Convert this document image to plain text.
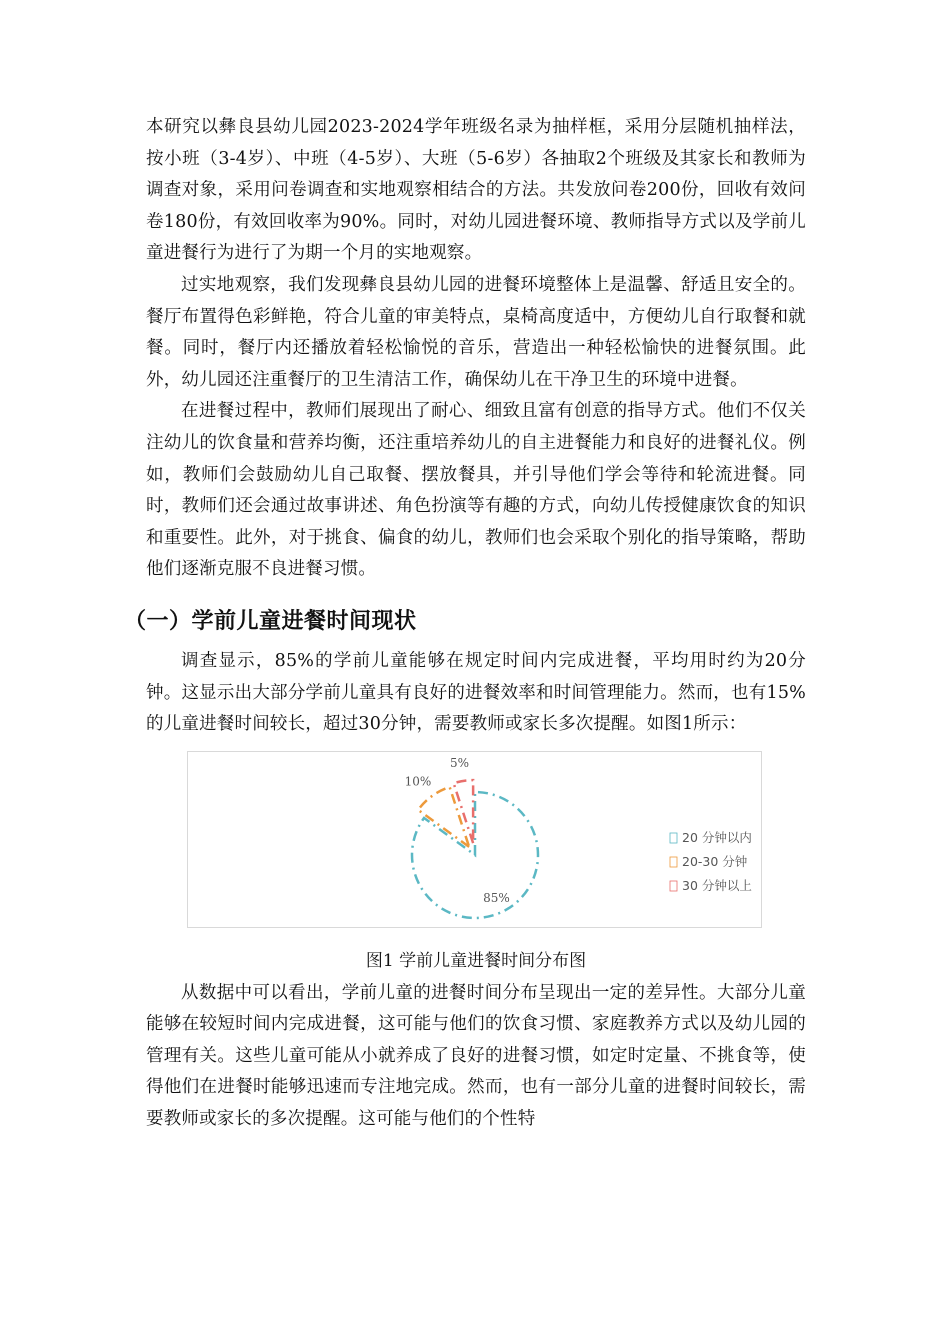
本研究以彝良县幼儿园2023-2024学年班级名录为抽样框，采用分层随机抽样法，按小班（3-4岁）、中班（4-5岁）、大班（5-6岁）各抽取2个班级及其家长和教师为调查对象，采用问卷调查和实地观察相结合的方法。共发放问卷200份，回收有效问卷180份，有效回收率为90%。同时，对幼儿园进餐环境、教师指导方式以及学前儿童进餐行为进行了为期一个月的实地观察。

过实地观察，我们发现彝良县幼儿园的进餐环境整体上是温馨、舒适且安全的。餐厅布置得色彩鲜艳，符合儿童的审美特点，桌椅高度适中，方便幼儿自行取餐和就餐。同时，餐厅内还播放着轻松愉悦的音乐，营造出一种轻松愉快的进餐氛围。此外，幼儿园还注重餐厅的卫生清洁工作，确保幼儿在干净卫生的环境中进餐。

在进餐过程中，教师们展现出了耐心、细致且富有创意的指导方式。他们不仅关注幼儿的饮食量和营养均衡，还注重培养幼儿的自主进餐能力和良好的进餐礼仪。例如，教师们会鼓励幼儿自己取餐、摆放餐具，并引导他们学会等待和轮流进餐。同时，教师们还会通过故事讲述、角色扮演等有趣的方式，向幼儿传授健康饮食的知识和重要性。此外，对于挑食、偏食的幼儿，教师们也会采取个别化的指导策略，帮助他们逐渐克服不良进餐习惯。

（一）学前儿童进餐时间现状

调查显示，85%的学前儿童能够在规定时间内完成进餐，平均用时约为20分钟。这显示出大部分学前儿童具有良好的进餐效率和时间管理能力。然而，也有15%的儿童进餐时间较长，超过30分钟，需要教师或家长多次提醒。如图1所示：

85%
10%
5%
20 分钟以内
20-30 分钟
30 分钟以上
图1 学前儿童进餐时间分布图

从数据中可以看出，学前儿童的进餐时间分布呈现出一定的差异性。大部分儿童能够在较短时间内完成进餐，这可能与他们的饮食习惯、家庭教养方式以及幼儿园的管理有关。这些儿童可能从小就养成了良好的进餐习惯，如定时定量、不挑食等，使得他们在进餐时能够迅速而专注地完成。然而，也有一部分儿童的进餐时间较长，需要教师或家长的多次提醒。这可能与他们的个性特
